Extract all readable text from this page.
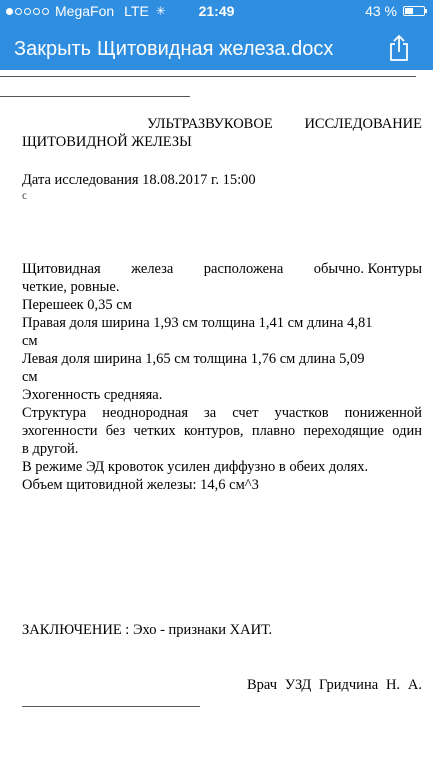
MegaFon LTE ✳	21:49	43 %
Закрыть Щитовидная железа.docx
УЛЬТРАЗВУКОВОЕ ИССЛЕДОВАНИЕ
ЩИТОВИДНОЙ ЖЕЛЕЗЫ
Дата исследования 18.08.2017 г. 15:00
ϲ
Щитовидная железа расположена обычно. Контуры
четкие, ровные.
Перешеек 0,35 см
Правая доля ширина 1,93 см толщина 1,41 см длина 4,81
см
Левая доля ширина 1,65 см толщина 1,76 см длина 5,09
см
Эхогенность средняяа.
Структура неоднородная за счет участков пониженной
эхогенности без четких контуров, плавно переходящие один
в другой.
В режиме ЭД кровоток усилен диффузно в обеих долях.
Объем щитовидной железы: 14,6 см^3
ЗАКЛЮЧЕНИЕ : Эхо - признаки ХАИТ.
Врач УЗД Гридчина Н. А.
